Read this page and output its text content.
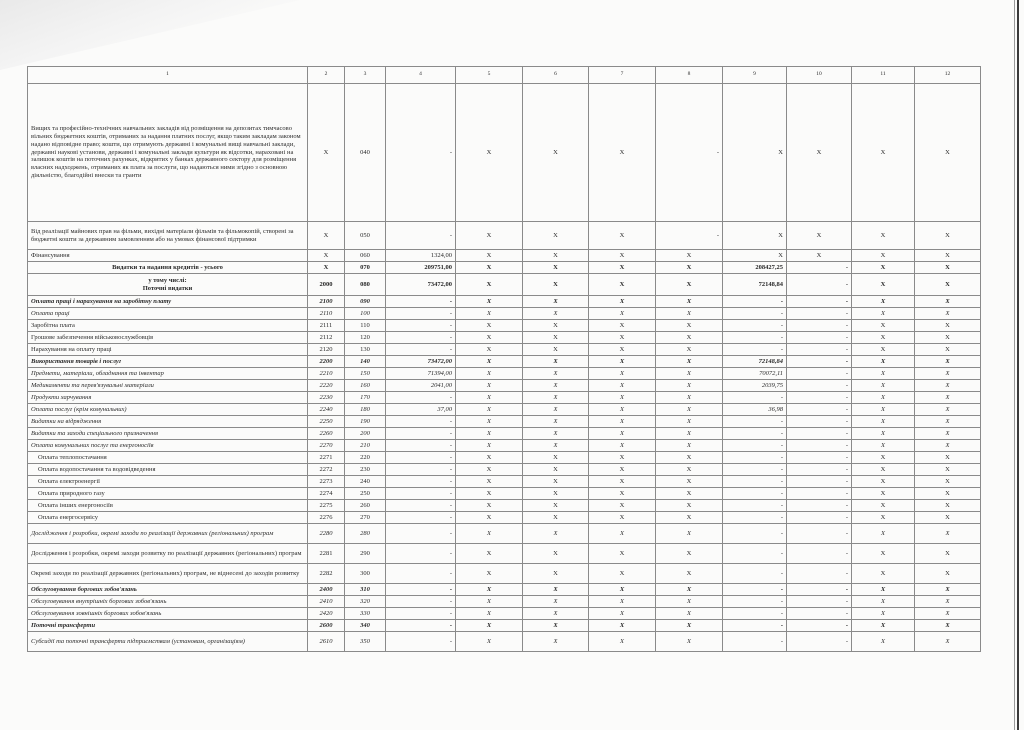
1	2	3	4	5	6	7	8	9	10	11	12
Вищих та професійно-технічних навчальних закладів від розміщення на депозитах тимчасово вільних бюджетних коштів, отриманих за надання платних послуг, якщо таким закладам законом надано відповідне право; кошти, що отримують державні і комунальні вищі навчальні заклади, державні наукові установи, державні і комунальні заклади культури як відсотки, нараховані на залишок коштів на поточних рахунках, відкритих у банках державного сектору для розміщення власних надходжень, отриманих як плата за послуги, що надаються ними згідно з основною діяльністю, благодійні внески та гранти	Х	040	-	Х	Х	Х	-	Х	Х	Х	Х
Від реалізації майнових прав на фільми, вихідні матеріали фільмів та фільмокопій, створені за бюджетні кошти за державним замовленням або на умовах фінансової підтримки	Х	050	-	Х	Х	Х	-	Х	Х	Х	Х
Фінансування	Х	060	1324,00	Х	Х	Х	Х	Х	Х	Х	Х
Видатки та надання кредитів - усього	Х	070	209751,00	Х	Х	Х	Х	208427,25	-	Х	Х
у тому числі:
Поточні видатки	2000	080	73472,00	Х	Х	Х	Х	72148,84	-	Х	Х
Оплата праці і нарахування на заробітну плату	2100	090	-	Х	Х	Х	Х	-	-	Х	Х
Оплата праці	2110	100	-	Х	Х	Х	Х	-	-	Х	Х
Заробітна плата	2111	110	-	Х	Х	Х	Х	-	-	Х	Х
Грошове забезпечення військовослужбовців	2112	120	-	Х	Х	Х	Х	-	-	Х	Х
Нарахування на оплату праці	2120	130	-	Х	Х	Х	Х	-	-	Х	Х
Використання товарів і послуг	2200	140	73472,00	Х	Х	Х	Х	72148,84	-	Х	Х
Предмети, матеріали, обладнання та інвентар	2210	150	71394,00	Х	Х	Х	Х	70072,11	-	Х	Х
Медикаменти та перев'язувальні матеріали	2220	160	2041,00	Х	Х	Х	Х	2039,75	-	Х	Х
Продукти харчування	2230	170	-	Х	Х	Х	Х	-	-	Х	Х
Оплата послуг (крім комунальних)	2240	180	37,00	Х	Х	Х	Х	36,98	-	Х	Х
Видатки на відрядження	2250	190	-	Х	Х	Х	Х	-	-	Х	Х
Видатки та заходи спеціального призначення	2260	200	-	Х	Х	Х	Х	-	-	Х	Х
Оплата комунальних послуг та енергоносіїв	2270	210	-	Х	Х	Х	Х	-	-	Х	Х
Оплата теплопостачання	2271	220	-	Х	Х	Х	Х	-	-	Х	Х
Оплата водопостачання та водовідведення	2272	230	-	Х	Х	Х	Х	-	-	Х	Х
Оплата електроенергії	2273	240	-	Х	Х	Х	Х	-	-	Х	Х
Оплата природного газу	2274	250	-	Х	Х	Х	Х	-	-	Х	Х
Оплата інших енергоносіїв	2275	260	-	Х	Х	Х	Х	-	-	Х	Х
Оплата енергосервісу	2276	270	-	Х	Х	Х	Х	-	-	Х	Х
Дослідження і розробки, окремі заходи по реалізації державних (регіональних) програм	2280	280	-	Х	Х	Х	Х	-	-	Х	Х
Дослідження і розробки, окремі заходи розвитку по реалізації державних (регіональних) програм	2281	290	-	Х	Х	Х	Х	-	-	Х	Х
Окремі заходи по реалізації державних (регіональних) програм, не віднесені до заходів розвитку	2282	300	-	Х	Х	Х	Х	-	-	Х	Х
Обслуговування боргових зобов'язань	2400	310	-	Х	Х	Х	Х	-	-	Х	Х
Обслуговування внутрішніх боргових зобов'язань	2410	320	-	Х	Х	Х	Х	-	-	Х	Х
Обслуговування зовнішніх боргових зобов'язань	2420	330	-	Х	Х	Х	Х	-	-	Х	Х
Поточні трансферти	2600	340	-	Х	Х	Х	Х	-	-	Х	Х
Субсидії та поточні трансферти підприємствам (установам, організаціям)	2610	350	-	Х	Х	Х	Х	-	-	Х	Х
